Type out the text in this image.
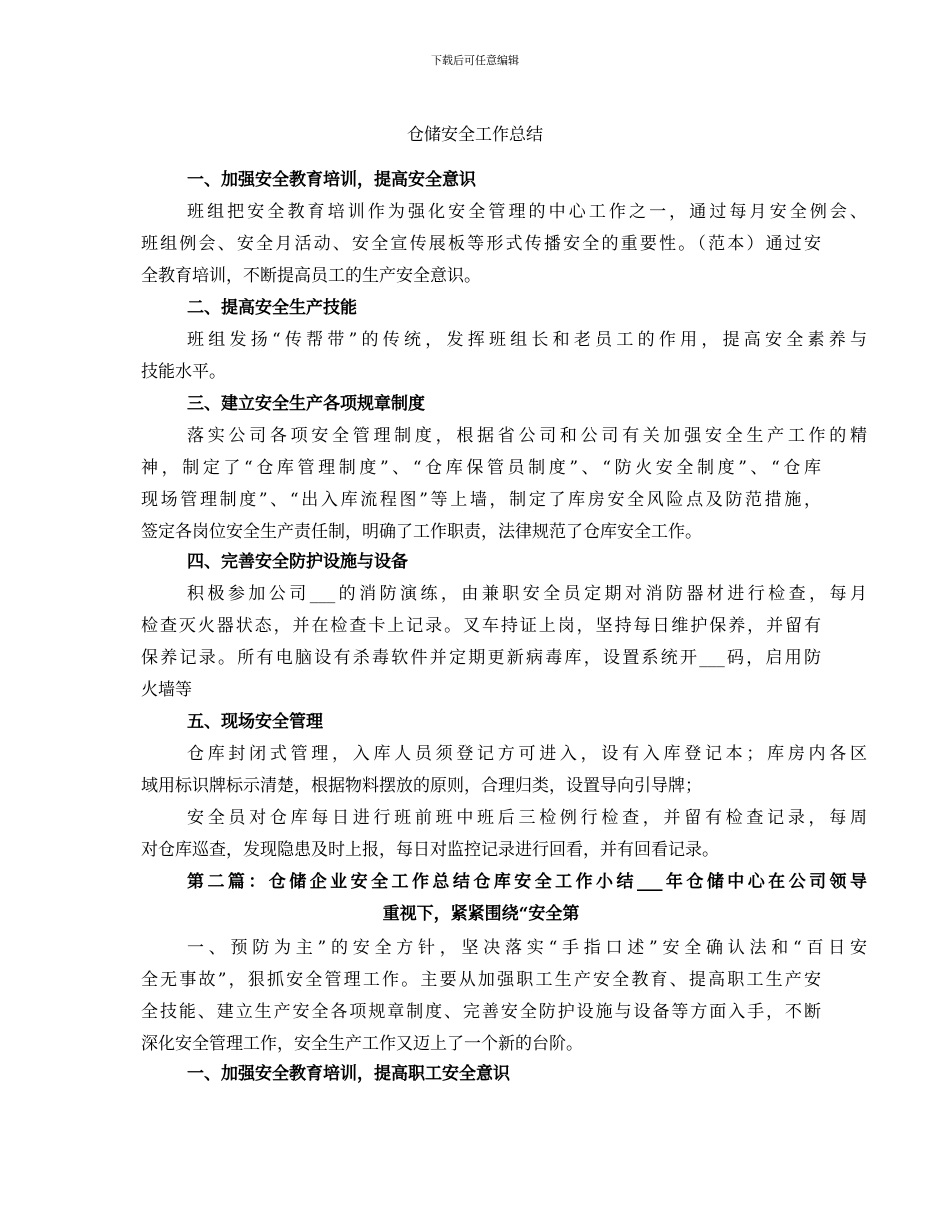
下载后可任意编辑
仓储安全工作总结
一、加强安全教育培训，提高安全意识
班组把安全教育培训作为强化安全管理的中心工作之一，通过每月安全例会、
班组例会、安全月活动、安全宣传展板等形式传播安全的重要性。（范本）通过安
全教育培训，不断提高员工的生产安全意识。
二、提高安全生产技能
班组发扬“传帮带”的传统，发挥班组长和老员工的作用，提高安全素养与
技能水平。
三、建立安全生产各项规章制度
落实公司各项安全管理制度，根据省公司和公司有关加强安全生产工作的精
神，制定了“仓库管理制度”、“仓库保管员制度”、“防火安全制度”、“仓库
现场管理制度”、“出入库流程图”等上墙，制定了库房安全风险点及防范措施，
签定各岗位安全生产责任制，明确了工作职责，法律规范了仓库安全工作。
四、完善安全防护设施与设备
积极参加公司___的消防演练，由兼职安全员定期对消防器材进行检查，每月
检查灭火器状态，并在检查卡上记录。叉车持证上岗，坚持每日维护保养，并留有
保养记录。所有电脑设有杀毒软件并定期更新病毒库，设置系统开___码，启用防
火墙等
五、现场安全管理
仓库封闭式管理，入库人员须登记方可进入，设有入库登记本；库房内各区
域用标识牌标示清楚，根据物料摆放的原则，合理归类，设置导向引导牌；
安全员对仓库每日进行班前班中班后三检例行检查，并留有检查记录，每周
对仓库巡查，发现隐患及时上报，每日对监控记录进行回看，并有回看记录。
第二篇：仓储企业安全工作总结仓库安全工作小结___年仓储中心在公司领导
重视下，紧紧围绕“安全第
一、预防为主”的安全方针，坚决落实“手指口述”安全确认法和“百日安
全无事故”，狠抓安全管理工作。主要从加强职工生产安全教育、提高职工生产安
全技能、建立生产安全各项规章制度、完善安全防护设施与设备等方面入手，不断
深化安全管理工作，安全生产工作又迈上了一个新的台阶。
一、加强安全教育培训，提高职工安全意识
